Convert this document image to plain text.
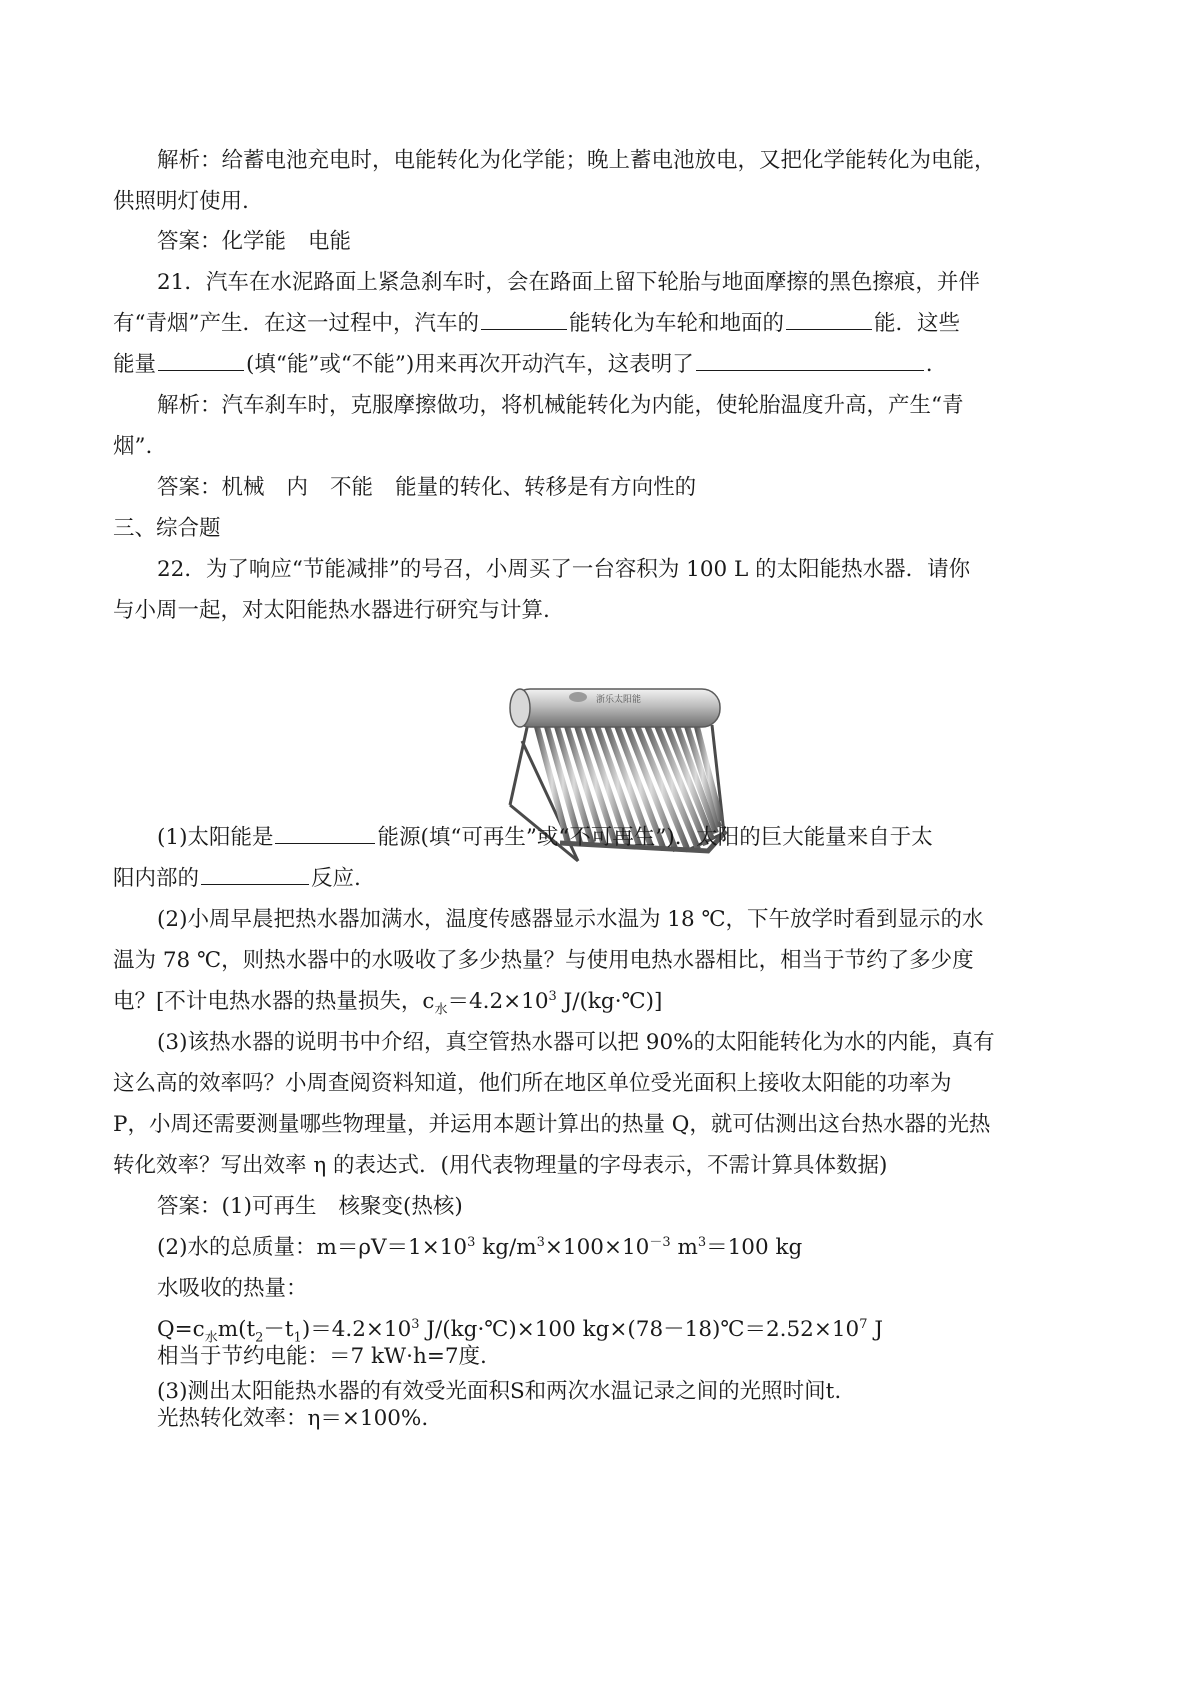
解析：给蓄电池充电时，电能转化为化学能；晚上蓄电池放电，又把化学能转化为电能，
供照明灯使用.
答案：化学能 电能
21．汽车在水泥路面上紧急刹车时，会在路面上留下轮胎与地面摩擦的黑色擦痕，并伴
有“青烟”产生．在这一过程中，汽车的	能转化为车轮和地面的	能．这些
能量	(填“能”或“不能”)用来再次开动汽车，这表明了	.
解析：汽车刹车时，克服摩擦做功，将机械能转化为内能，使轮胎温度升高，产生“青
烟”.
答案：机械 内 不能 能量的转化、转移是有方向性的
三、综合题
22．为了响应“节能减排”的号召，小周买了一台容积为 100 L 的太阳能热水器．请你
与小周一起，对太阳能热水器进行研究与计算.
浙乐太阳能
(1)太阳能是	能源(填“可再生”或“不可再生”)．太阳的巨大能量来自于太
阳内部的	反应.
(2)小周早晨把热水器加满水，温度传感器显示水温为 18 ℃，下午放学时看到显示的水
温为 78 ℃，则热水器中的水吸收了多少热量？与使用电热水器相比，相当于节约了多少度
电？[不计电热水器的热量损失，$c_水=4.2\times 10^3$ J/(kg·℃)]
(3)该热水器的说明书中介绍，真空管热水器可以把 90%的太阳能转化为水的内能，真有
这么高的效率吗？小周查阅资料知道，他们所在地区单位受光面积上接收太阳能的功率为
P，小周还需要测量哪些物理量，并运用本题计算出的热量 Q，就可估测出这台热水器的光热
转化效率？写出效率 η 的表达式．(用代表物理量的字母表示，不需计算具体数据)
答案：(1)可再生 核聚变(热核)
(2)水的总质量：$m=\rho V=1\times 10^3$ $kg/m^3\times 100\times 10^{-3}$ $m^3=100$ kg
水吸收的热量：
$Q=c_水m(t_2-t_1)=4.2\times 10^3$ J/(kg·℃)×100 $kg\times(78-18)℃=2.52\times 10^7$ J
相当于节约电能：＝7 kW·h=7度.
(3)测出太阳能热水器的有效受光面积S和两次水温记录之间的光照时间t.
光热转化效率：η＝×100%.
